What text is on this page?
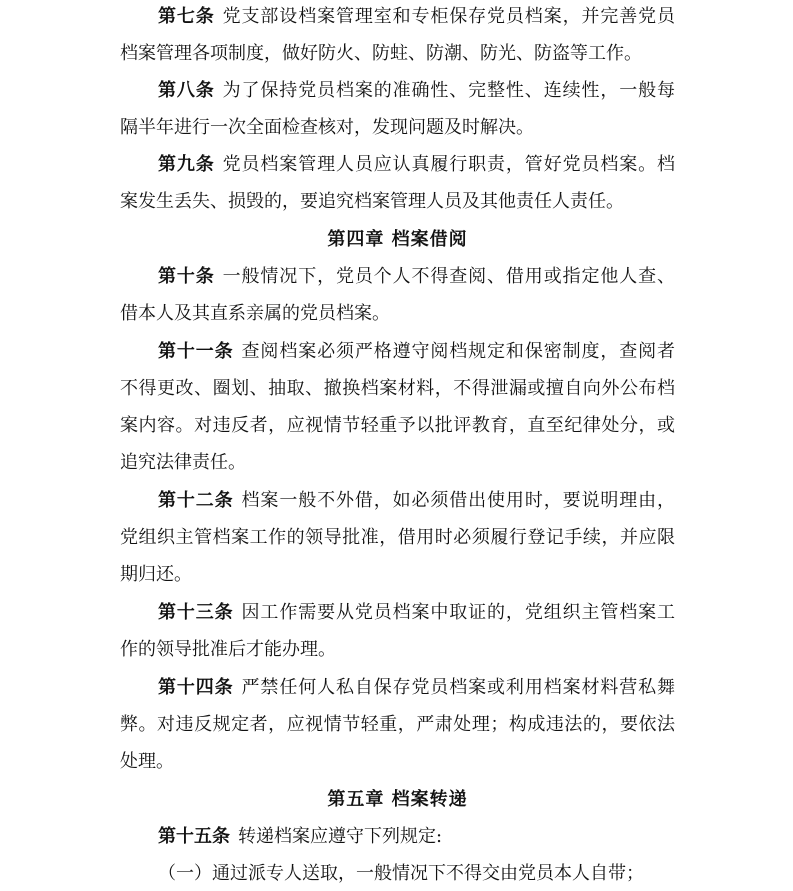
第七条 党支部设档案管理室和专柜保存党员档案，并完善党员
档案管理各项制度，做好防火、防蛀、防潮、防光、防盗等工作。
第八条 为了保持党员档案的准确性、完整性、连续性，一般每
隔半年进行一次全面检查核对，发现问题及时解决。
第九条 党员档案管理人员应认真履行职责，管好党员档案。档
案发生丢失、损毁的，要追究档案管理人员及其他责任人责任。
第四章 档案借阅
第十条 一般情况下，党员个人不得查阅、借用或指定他人查、
借本人及其直系亲属的党员档案。
第十一条 查阅档案必须严格遵守阅档规定和保密制度，查阅者
不得更改、圈划、抽取、撤换档案材料，不得泄漏或擅自向外公布档
案内容。对违反者，应视情节轻重予以批评教育，直至纪律处分，或
追究法律责任。
第十二条 档案一般不外借，如必须借出使用时，要说明理由，
党组织主管档案工作的领导批准，借用时必须履行登记手续，并应限
期归还。
第十三条 因工作需要从党员档案中取证的，党组织主管档案工
作的领导批准后才能办理。
第十四条 严禁任何人私自保存党员档案或利用档案材料营私舞
弊。对违反规定者，应视情节轻重，严肃处理；构成违法的，要依法
处理。
第五章 档案转递
第十五条 转递档案应遵守下列规定:
（一）通过派专人送取，一般情况下不得交由党员本人自带；
